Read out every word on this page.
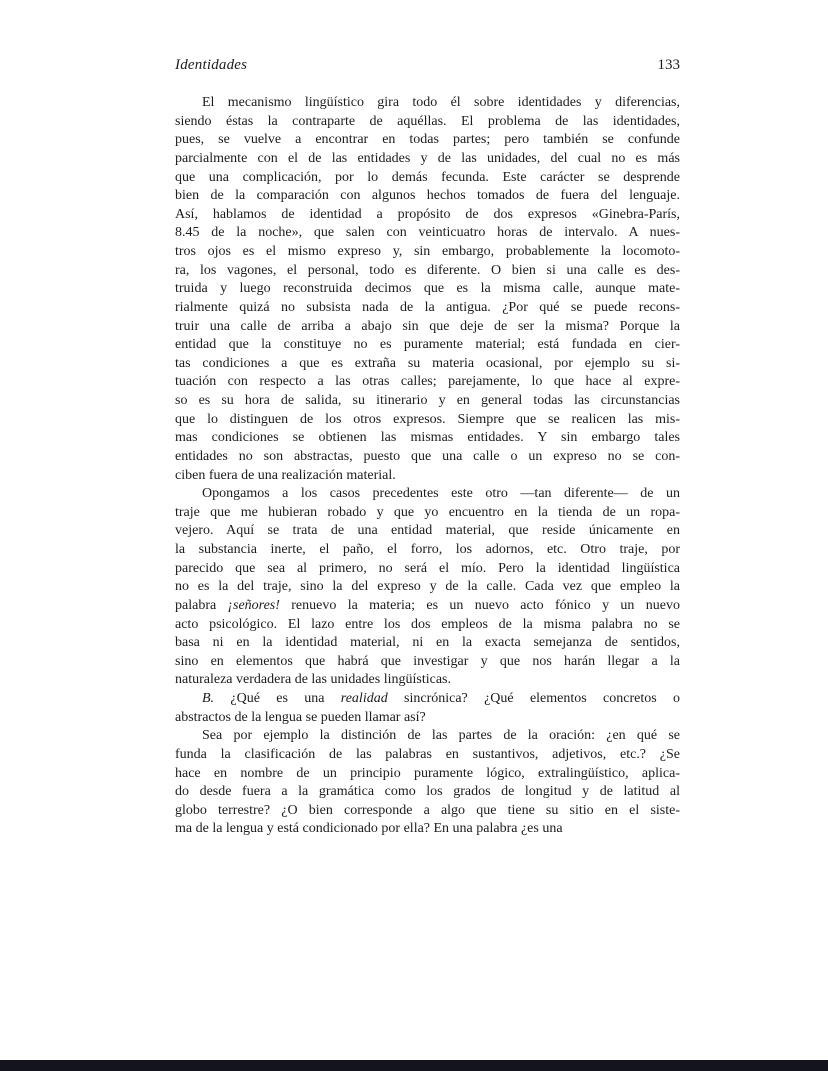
Identidades	133
El mecanismo lingüístico gira todo él sobre identidades y diferencias,
siendo éstas la contraparte de aquéllas. El problema de las identidades,
pues, se vuelve a encontrar en todas partes; pero también se confunde
parcialmente con el de las entidades y de las unidades, del cual no es más
que una complicación, por lo demás fecunda. Este carácter se desprende
bien de la comparación con algunos hechos tomados de fuera del lenguaje.
Así, hablamos de identidad a propósito de dos expresos «Ginebra-París,
8.45 de la noche», que salen con veinticuatro horas de intervalo. A nues-
tros ojos es el mismo expreso y, sin embargo, probablemente la locomoto-
ra, los vagones, el personal, todo es diferente. O bien si una calle es des-
truida y luego reconstruida decimos que es la misma calle, aunque mate-
rialmente quizá no subsista nada de la antigua. ¿Por qué se puede recons-
truir una calle de arriba a abajo sin que deje de ser la misma? Porque la
entidad que la constituye no es puramente material; está fundada en cier-
tas condiciones a que es extraña su materia ocasional, por ejemplo su si-
tuación con respecto a las otras calles; parejamente, lo que hace al expre-
so es su hora de salida, su itinerario y en general todas las circunstancias
que lo distinguen de los otros expresos. Siempre que se realicen las mis-
mas condiciones se obtienen las mismas entidades. Y sin embargo tales
entidades no son abstractas, puesto que una calle o un expreso no se con-
ciben fuera de una realización material.
Opongamos a los casos precedentes este otro —tan diferente— de un
traje que me hubieran robado y que yo encuentro en la tienda de un ropa-
vejero. Aquí se trata de una entidad material, que reside únicamente en
la substancia inerte, el paño, el forro, los adornos, etc. Otro traje, por
parecido que sea al primero, no será el mío. Pero la identidad lingüística
no es la del traje, sino la del expreso y de la calle. Cada vez que empleo la
palabra ¡señores! renuevo la materia; es un nuevo acto fónico y un nuevo
acto psicológico. El lazo entre los dos empleos de la misma palabra no se
basa ni en la identidad material, ni en la exacta semejanza de sentidos,
sino en elementos que habrá que investigar y que nos harán llegar a la
naturaleza verdadera de las unidades lingüísticas.
B. ¿Qué es una realidad sincrónica? ¿Qué elementos concretos o
abstractos de la lengua se pueden llamar así?
Sea por ejemplo la distinción de las partes de la oración: ¿en qué se
funda la clasificación de las palabras en sustantivos, adjetivos, etc.? ¿Se
hace en nombre de un principio puramente lógico, extralingüístico, aplica-
do desde fuera a la gramática como los grados de longitud y de latitud al
globo terrestre? ¿O bien corresponde a algo que tiene su sitio en el siste-
ma de la lengua y está condicionado por ella? En una palabra ¿es una
